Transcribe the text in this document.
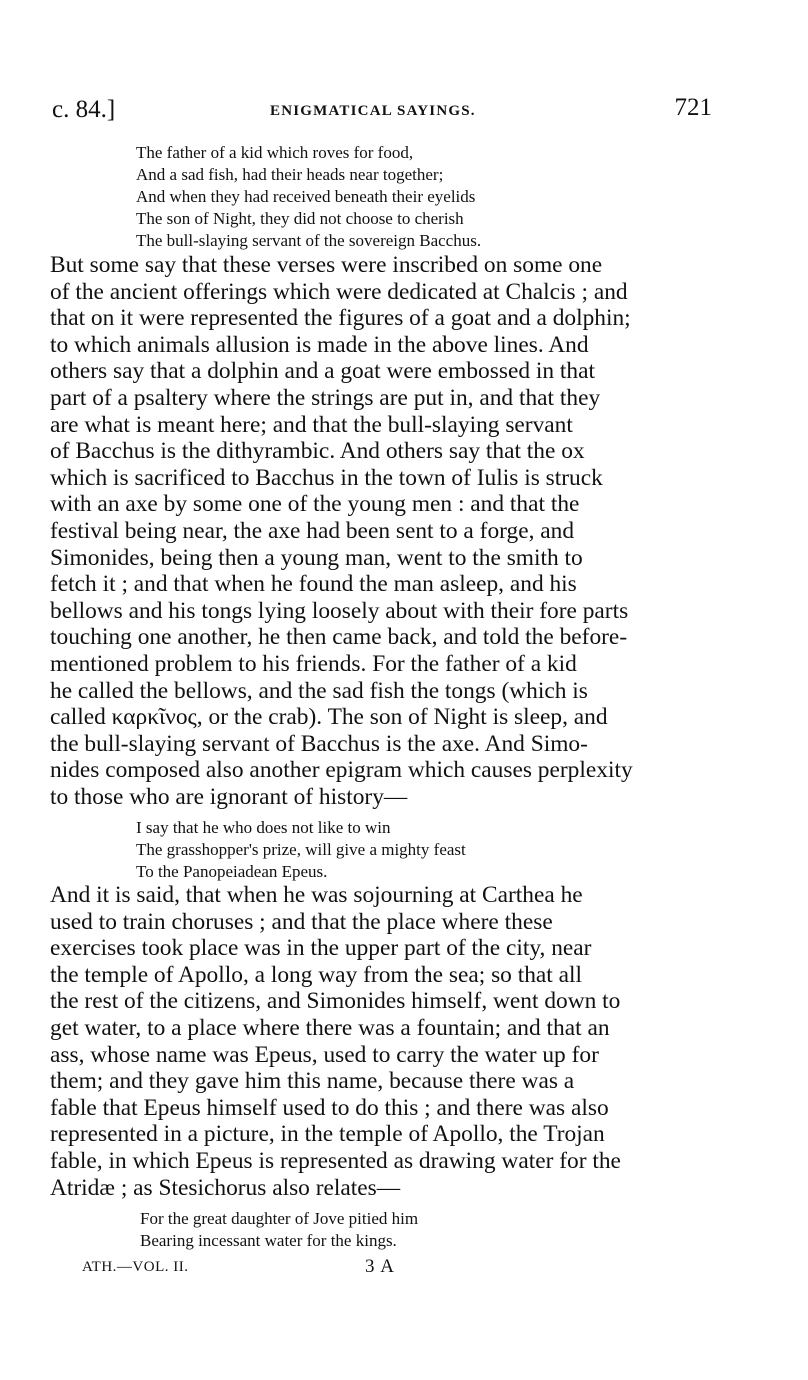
c. 84.]	ENIGMATICAL SAYINGS.	721
The father of a kid which roves for food,
And a sad fish, had their heads near together;
And when they had received beneath their eyelids
The son of Night, they did not choose to cherish
The bull-slaying servant of the sovereign Bacchus.
But some say that these verses were inscribed on some one
of the ancient offerings which were dedicated at Chalcis ; and
that on it were represented the figures of a goat and a dolphin;
to which animals allusion is made in the above lines. And
others say that a dolphin and a goat were embossed in that
part of a psaltery where the strings are put in, and that they
are what is meant here; and that the bull-slaying servant
of Bacchus is the dithyrambic. And others say that the ox
which is sacrificed to Bacchus in the town of Iulis is struck
with an axe by some one of the young men : and that the
festival being near, the axe had been sent to a forge, and
Simonides, being then a young man, went to the smith to
fetch it ; and that when he found the man asleep, and his
bellows and his tongs lying loosely about with their fore parts
touching one another, he then came back, and told the before-
mentioned problem to his friends. For the father of a kid
he called the bellows, and the sad fish the tongs (which is
called καρκῖνος, or the crab). The son of Night is sleep, and
the bull-slaying servant of Bacchus is the axe. And Simo-
nides composed also another epigram which causes perplexity
to those who are ignorant of history—
I say that he who does not like to win
The grasshopper's prize, will give a mighty feast
To the Panopeiadean Epeus.
And it is said, that when he was sojourning at Carthea he
used to train choruses ; and that the place where these
exercises took place was in the upper part of the city, near
the temple of Apollo, a long way from the sea; so that all
the rest of the citizens, and Simonides himself, went down to
get water, to a place where there was a fountain; and that an
ass, whose name was Epeus, used to carry the water up for
them; and they gave him this name, because there was a
fable that Epeus himself used to do this ; and there was also
represented in a picture, in the temple of Apollo, the Trojan
fable, in which Epeus is represented as drawing water for the
Atridæ ; as Stesichorus also relates—
For the great daughter of Jove pitied him
Bearing incessant water for the kings.
ATH.—VOL. II.	3 A
